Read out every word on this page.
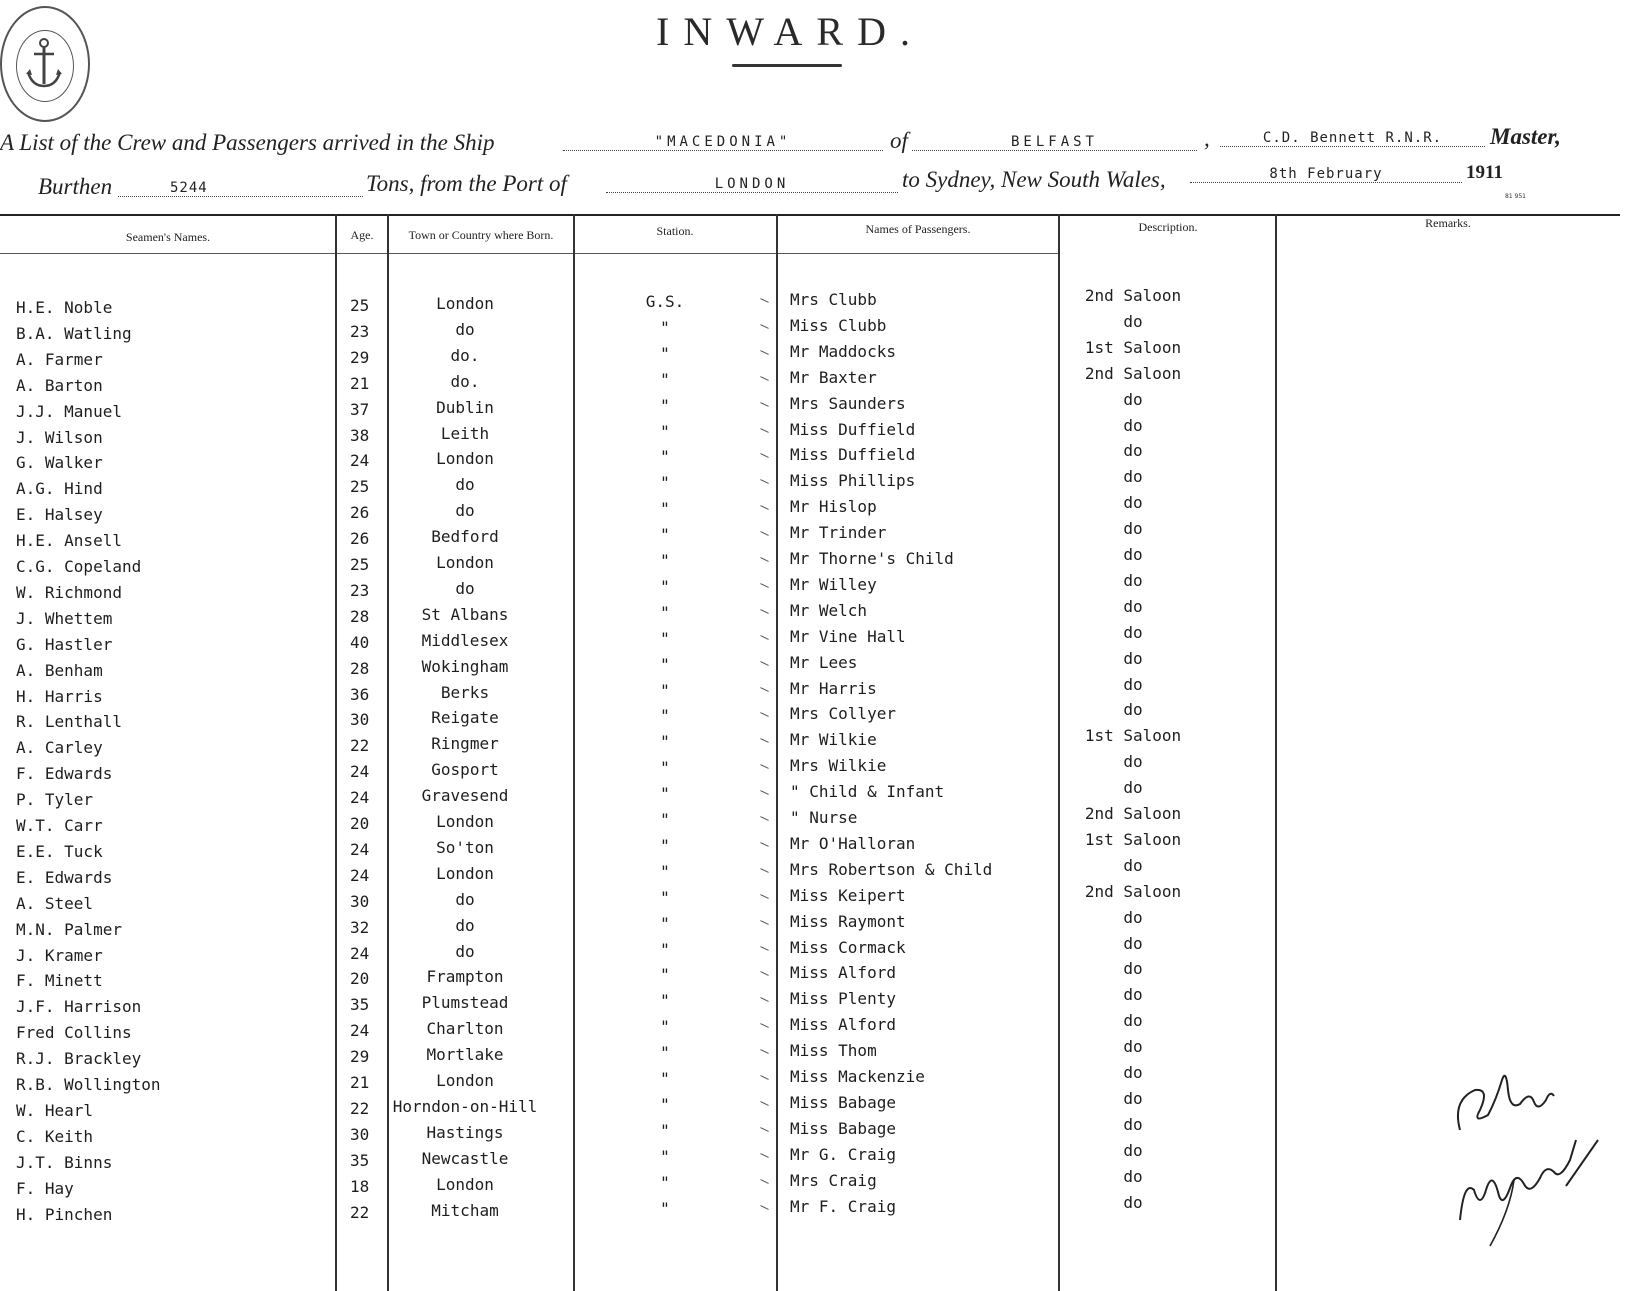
INWARD.
A List of the Crew and Passengers arrived in the Ship	"MACEDONIA"	of	BELFAST	,	C.D. Bennett R.N.R.	Master,
Burthen	5244	Tons, from the Port of	LONDON	to Sydney, New South Wales,	8th February	1911
81 951
Seamen's Names.	Age.	Town or Country where Born.	Station.	Names of Passengers.	Description.	Remarks.
H.E. Noble	25	London	G.S.
B.A. Watling	23	do	"
A. Farmer	29	do.	"
A. Barton	21	do.	"
J.J. Manuel	37	Dublin	"
J. Wilson	38	Leith	"
G. Walker	24	London	"
A.G. Hind	25	do	"
E. Halsey	26	do	"
H.E. Ansell	26	Bedford	"
C.G. Copeland	25	London	"
W. Richmond	23	do	"
J. Whettem	28	St Albans	"
G. Hastler	40	Middlesex	"
A. Benham	28	Wokingham	"
H. Harris	36	Berks	"
R. Lenthall	30	Reigate	"
A. Carley	22	Ringmer	"
F. Edwards	24	Gosport	"
P. Tyler	24	Gravesend	"
W.T. Carr	20	London	"
E.E. Tuck	24	So'ton	"
E. Edwards	24	London	"
A. Steel	30	do	"
M.N. Palmer	32	do	"
J. Kramer	24	do	"
F. Minett	20	Frampton	"
J.F. Harrison	35	Plumstead	"
Fred Collins	24	Charlton	"
R.J. Brackley	29	Mortlake	"
R.B. Wollington	21	London	"
W. Hearl	22 Horndon-on-Hill	"
C. Keith	30	Hastings	"
J.T. Binns	35	Newcastle	"
F. Hay	18	London	"
H. Pinchen	22	Mitcham	"
Mrs Clubb	2nd Saloon
Miss Clubb	do
Mr Maddocks	1st Saloon
Mr Baxter	2nd Saloon
Mrs Saunders	do
Miss Duffield	do
Miss Duffield	do
Miss Phillips	do
Mr Hislop	do
Mr Trinder	do
Mr Thorne's Child	do
Mr Willey	do
Mr Welch	do
Mr Vine Hall	do
Mr Lees	do
Mr Harris	do
Mrs Collyer	do
Mr Wilkie	1st Saloon
Mrs Wilkie	do
" Child & Infant	do
" Nurse	2nd Saloon
Mr O'Halloran	1st Saloon
Mrs Robertson & Child	do
Miss Keipert	2nd Saloon
Miss Raymont	do
Miss Cormack	do
Miss Alford	do
Miss Plenty	do
Miss Alford	do
Miss Thom	do
Miss Mackenzie	do
Miss Babage	do
Miss Babage	do
Mr G. Craig	do
Mrs Craig	do
Mr F. Craig	do
